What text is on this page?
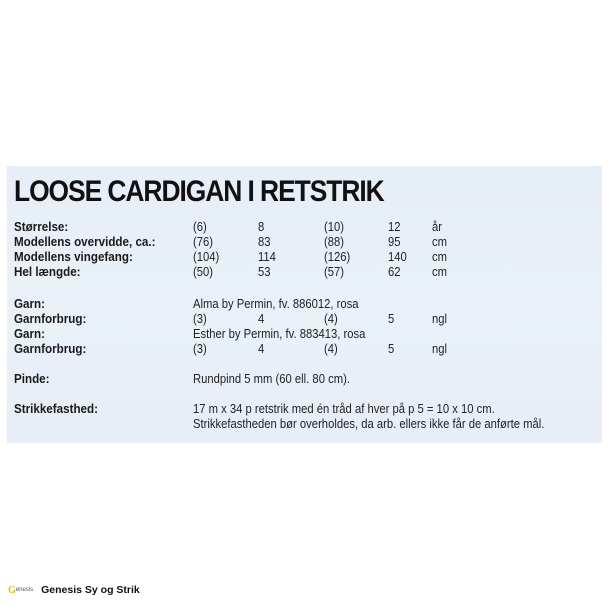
LOOSE CARDIGAN I RETSTRIK
Størrelse:	(6)	8	(10)	12	år
Modellens overvidde, ca.:	(76)	83	(88)	95	cm
Modellens vingefang:	(104)	114	(126)	140 cm
Hel længde:	(50)	53	(57)	62	cm
Garn:	Alma by Permin, fv. 886012, rosa
Garnforbrug:	(3)	4	(4)	5	ngl
Garn:	Esther by Permin, fv. 883413, rosa
Garnforbrug:	(3)	4	(4)	5	ngl
Pinde:	Rundpind 5 mm (60 ell. 80 cm).
Strikkefasthed:	17 m x 34 p retstrik med én tråd af hver på p 5 = 10 x 10 cm.
Strikkefastheden bør overholdes, da arb. ellers ikke får de anførte mål.
G enesis Genesis Sy og Strik
